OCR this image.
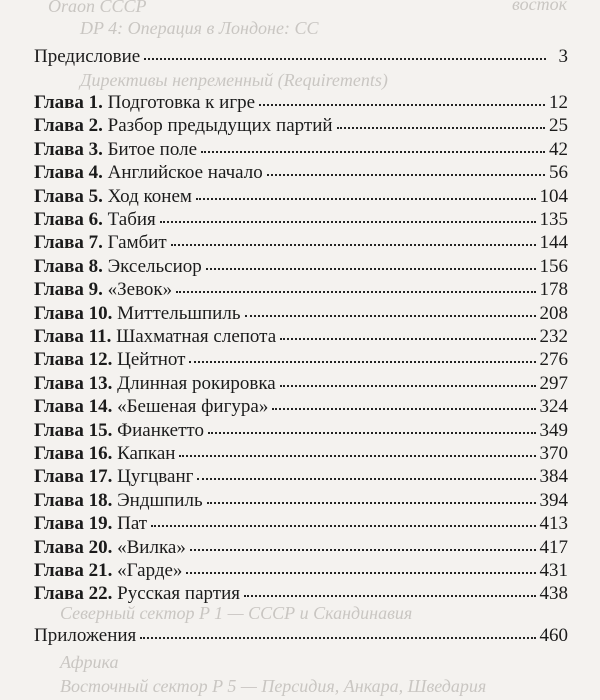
Oraon СССР	восток
DP 4: Операция в Лондоне: СС
Директивы непременный (Requirements)
Северный сектор P 1 — СССР и Скандинавия
Африка
Восточный сектор P 5 — Персидия, Анкара, Шведария
Предисловие	3
Глава 1. Подготовка к игре	12
Глава 2. Разбор предыдущих партий	25
Глава 3. Битое поле	42
Глава 4. Английское начало	56
Глава 5. Ход конем	104
Глава 6. Табия	135
Глава 7. Гамбит	144
Глава 8. Эксельсиор	156
Глава 9. «Зевок»	178
Глава 10. Миттельшпиль	208
Глава 11. Шахматная слепота	232
Глава 12. Цейтнот	276
Глава 13. Длинная рокировка	297
Глава 14. «Бешеная фигура»	324
Глава 15. Фианкетто	349
Глава 16. Капкан	370
Глава 17. Цугцванг	384
Глава 18. Эндшпиль	394
Глава 19. Пат	413
Глава 20. «Вилка»	417
Глава 21. «Гарде»	431
Глава 22. Русская партия	438
Приложения	460
